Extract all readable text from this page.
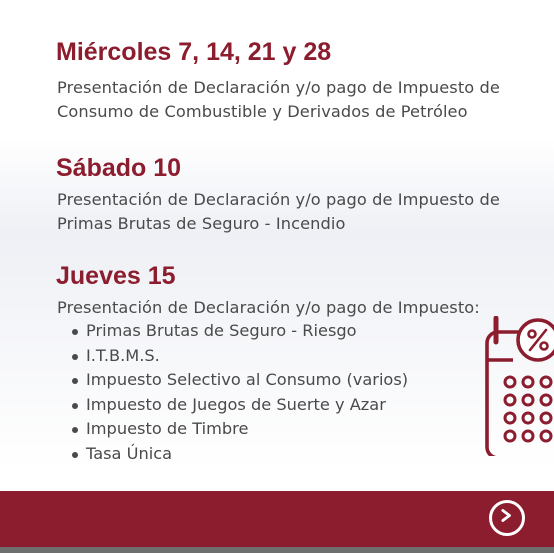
Miércoles 7, 14, 21 y 28

Presentación de Declaración y/o pago de Impuesto de
Consumo de Combustible y Derivados de Petróleo

Sábado 10

Presentación de Declaración y/o pago de Impuesto de
Primas Brutas de Seguro - Incendio

Jueves 15

Presentación de Declaración y/o pago de Impuesto:

Primas Brutas de Seguro - Riesgo
I.T.B.M.S.
Impuesto Selectivo al Consumo (varios)
Impuesto de Juegos de Suerte y Azar
Impuesto de Timbre
Tasa Única
